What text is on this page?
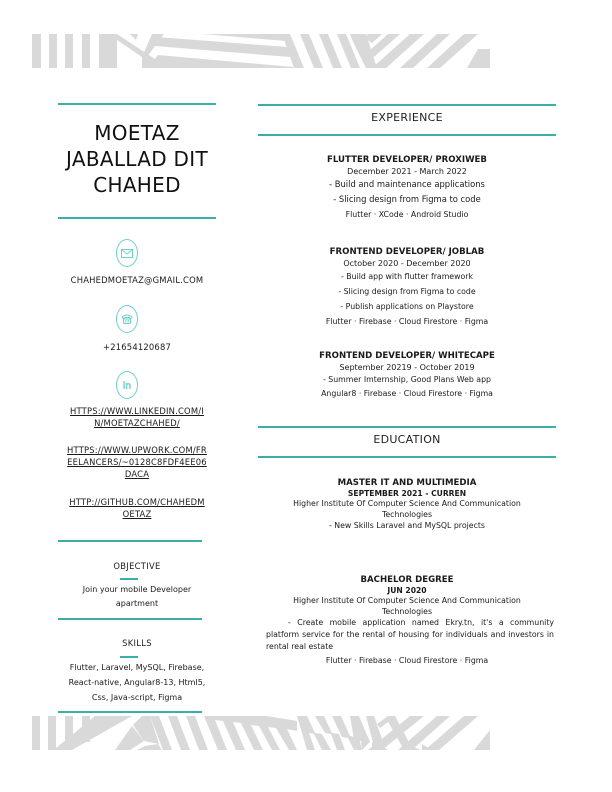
MOETAZ JABALLAD DIT CHAHED
CHAHEDMOETAZ@GMAIL.COM
+21654120687
in
HTTPS://WWW.LINKEDIN.COM/IN/MOETAZCHAHED/
HTTPS://WWW.UPWORK.COM/FREELANCERS/~0128C8FDF4EE06DACA
HTTP://GITHUB.COM/CHAHEDMOETAZ
OBJECTIVE
Join your mobile Developer apartment
SKILLS
Flutter, Laravel, MySQL, Firebase, React-native, Angular8-13, Html5, Css, Java-script, Figma
EXPERIENCE
FLUTTER DEVELOPER/ PROXIWEB
December 2021 - March 2022
- Build and maintenance applications
- Slicing design from Figma to code
Flutter · XCode · Android Studio
FRONTEND DEVELOPER/ JOBLAB
October 2020 - December 2020
- Build app with flutter framework
- Slicing design from Figma to code
- Publish applications on Playstore
Flutter · Firebase · Cloud Firestore · Figma
FRONTEND DEVELOPER/ WHITECAPE
September 20219 - October 2019
- Summer Imternship, Good Plans Web app
Angular8 · Firebase · Cloud Firestore · Figma
EDUCATION
MASTER IT AND MULTIMEDIA
SEPTEMBER 2021 - CURREN
Higher Institute Of Computer Science And Communication Technologies
- New Skills Laravel and MySQL projects
BACHELOR DEGREE
JUN 2020
Higher Institute Of Computer Science And Communication Technologies
- Create mobile application named Ekry.tn, it's a community platform service for the rental of housing for individuals and investors in rental real estate
Flutter · Firebase · Cloud Firestore · Figma
